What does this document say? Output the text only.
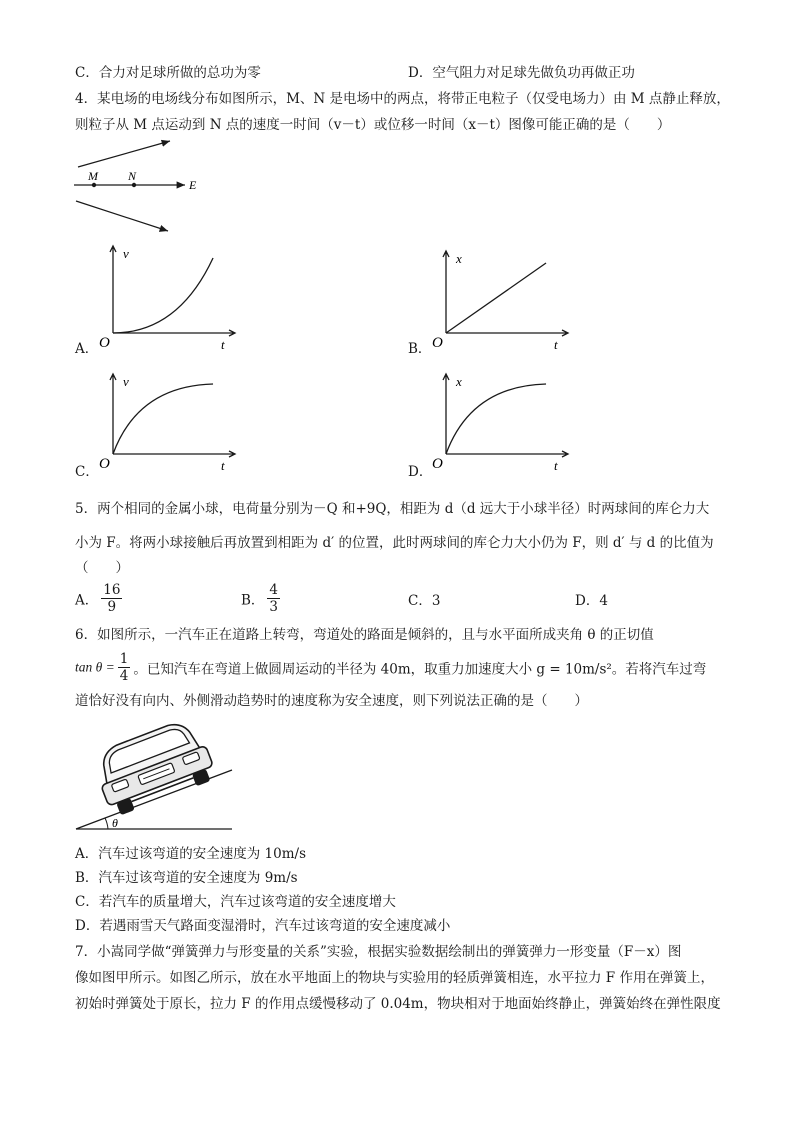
C．合力对足球所做的总功为零	D．空气阻力对足球先做负功再做正功
4．某电场的电场线分布如图所示，M、N 是电场中的两点，将带正电粒子（仅受电场力）由 M 点静止释放，
则粒子从 M 点运动到 N 点的速度一时间（v－t）或位移一时间（x－t）图像可能正确的是（　　）
M	N
E
A．	B．
C．	D．
O
v
t	O
x
t
O
v
t	O
x
t
5．两个相同的金属小球，电荷量分别为－Q 和+9Q，相距为 d（d 远大于小球半径）时两球间的库仑力大
小为 F。将两小球接触后再放置到相距为 d′ 的位置，此时两球间的库仑力大小仍为 F，则 d′ 与 d 的比值为
（　　）
A． $\frac{16}{9}$	B． $\frac{4}{3}$	C．3	D．4
6．如图所示，一汽车正在道路上转弯，弯道处的路面是倾斜的，且与水平面所成夹角 θ 的正切值
$\tan \theta = \frac{1}{4}$ 。已知汽车在弯道上做圆周运动的半径为 40m，取重力加速度大小 g = 10m/s²。若将汽车过弯
道恰好没有向内、外侧滑动趋势时的速度称为安全速度，则下列说法正确的是（　　）
θ
A．汽车过该弯道的安全速度为 10m/s
B．汽车过该弯道的安全速度为 9m/s
C．若汽车的质量增大，汽车过该弯道的安全速度增大
D．若遇雨雪天气路面变湿滑时，汽车过该弯道的安全速度减小
7．小嵩同学做“弹簧弹力与形变量的关系”实验，根据实验数据绘制出的弹簧弹力一形变量（F－x）图
像如图甲所示。如图乙所示，放在水平地面上的物块与实验用的轻质弹簧相连，水平拉力 F 作用在弹簧上，
初始时弹簧处于原长，拉力 F 的作用点缓慢移动了 0.04m，物块相对于地面始终静止，弹簧始终在弹性限度
